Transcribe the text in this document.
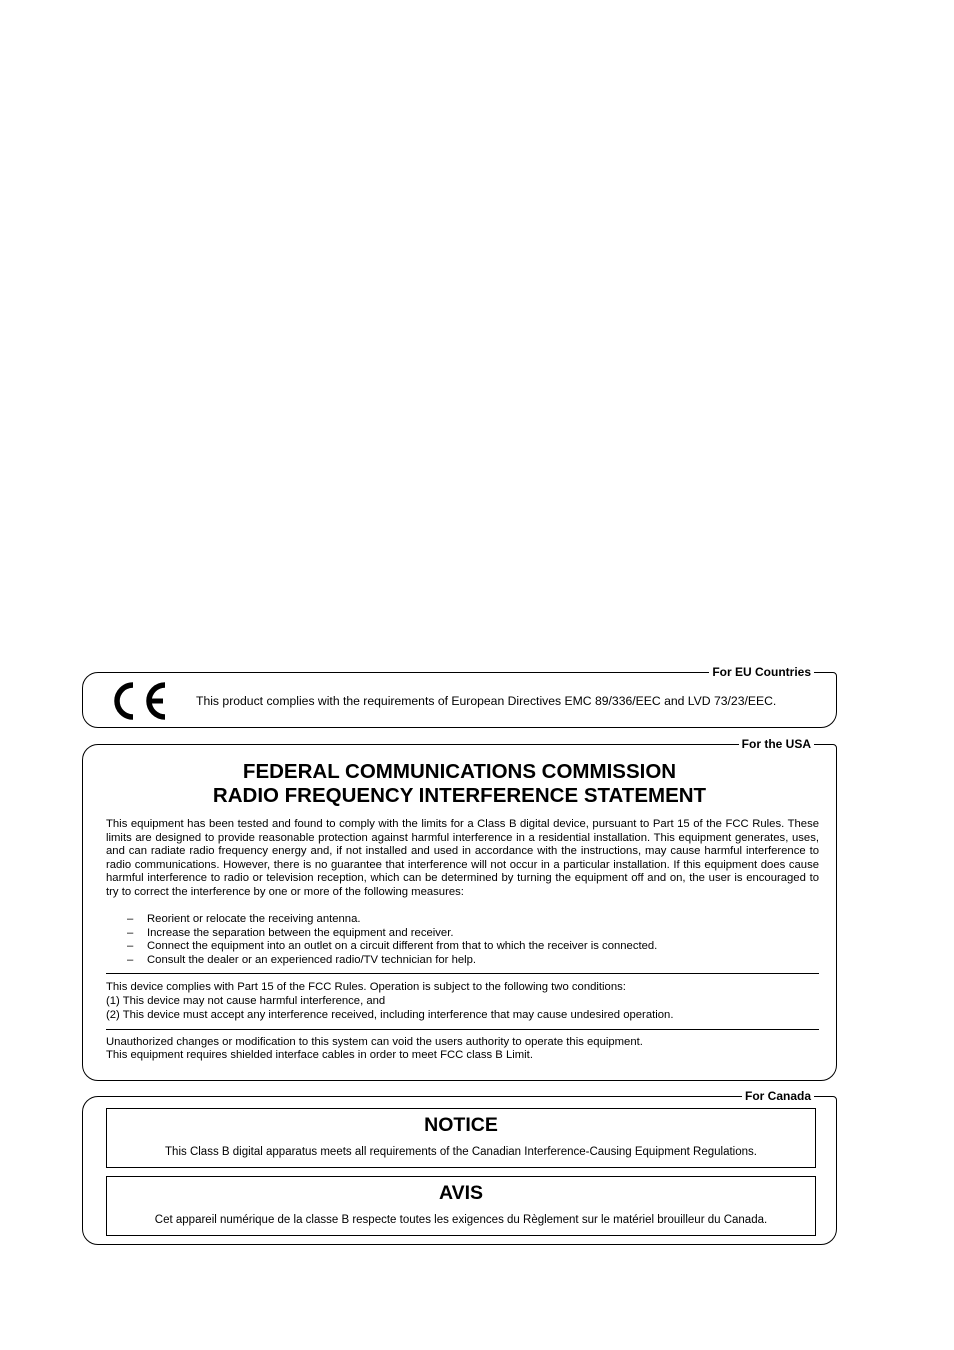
For EU Countries
This product complies with the requirements of European Directives EMC 89/336/EEC and LVD 73/23/EEC.
For the USA
FEDERAL COMMUNICATIONS COMMISSION
RADIO FREQUENCY INTERFERENCE STATEMENT
This equipment has been tested and found to comply with the limits for a Class B digital device, pursuant to Part 15 of the FCC Rules. These limits are designed to provide reasonable protection against harmful interference in a residential installation. This equipment generates, uses, and can radiate radio frequency energy and, if not installed and used in accordance with the instructions, may cause harmful interference to radio communications. However, there is no guarantee that interference will not occur in a particular installation. If this equipment does cause harmful interference to radio or television reception, which can be determined by turning the equipment off and on, the user is encouraged to try to correct the interference by one or more of the following measures:
– Reorient or relocate the receiving antenna.
– Increase the separation between the equipment and receiver.
– Connect the equipment into an outlet on a circuit different from that to which the receiver is connected.
– Consult the dealer or an experienced radio/TV technician for help.
This device complies with Part 15 of the FCC Rules. Operation is subject to the following two conditions:
(1) This device may not cause harmful interference, and
(2) This device must accept any interference received, including interference that may cause undesired operation.
Unauthorized changes or modification to this system can void the users authority to operate this equipment.
This equipment requires shielded interface cables in order to meet FCC class B Limit.
For Canada
NOTICE
This Class B digital apparatus meets all requirements of the Canadian Interference-Causing Equipment Regulations.
AVIS
Cet appareil numérique de la classe B respecte toutes les exigences du Règlement sur le matériel brouilleur du Canada.
